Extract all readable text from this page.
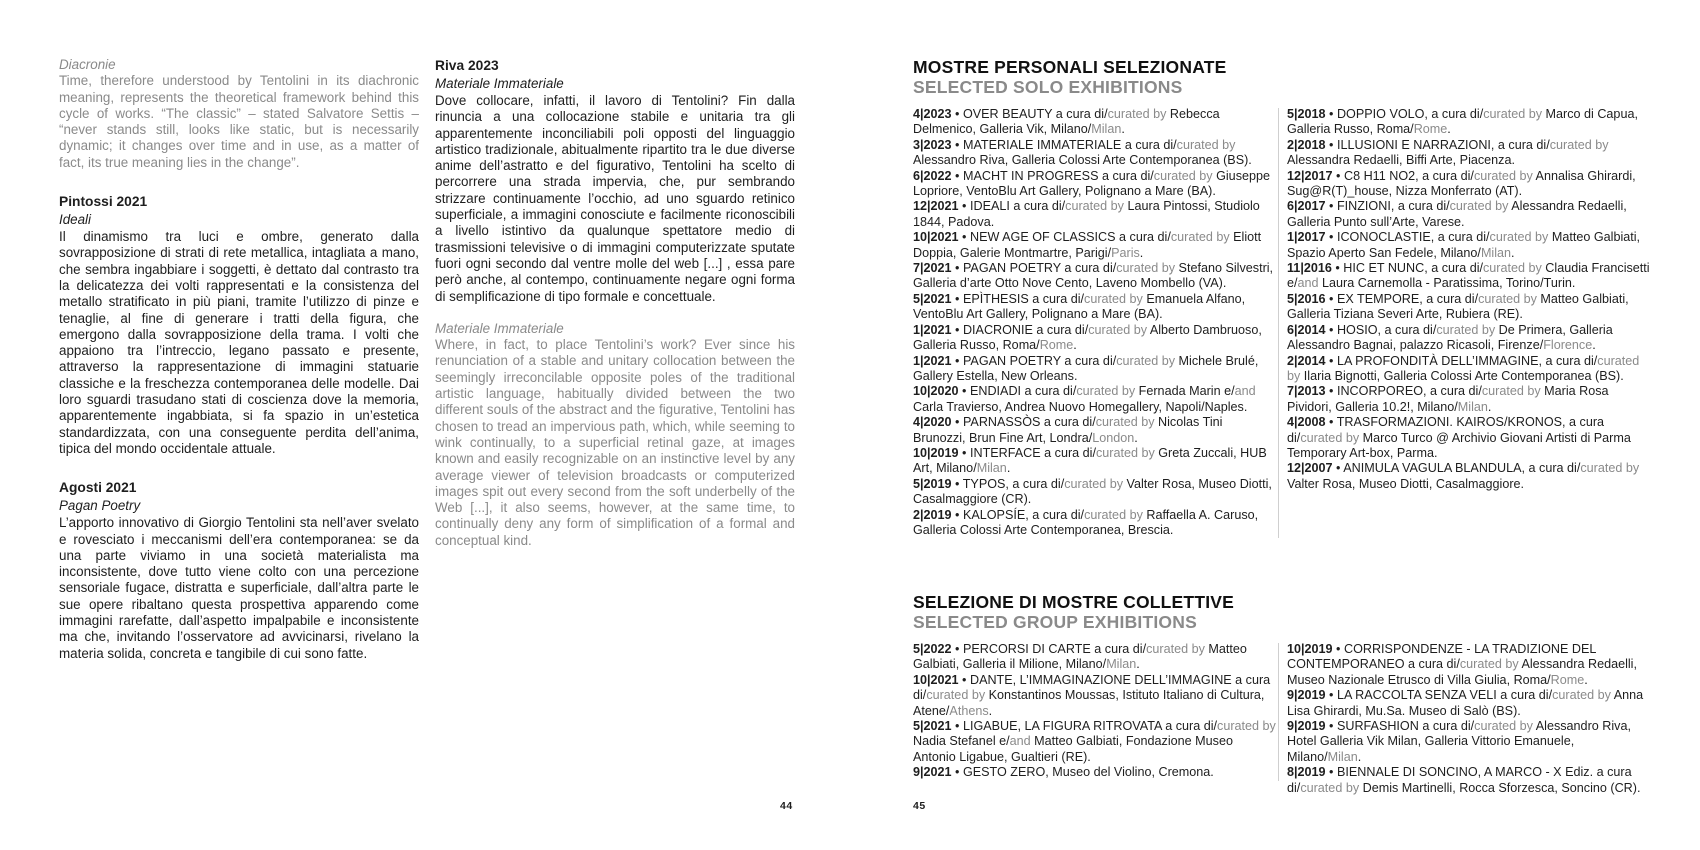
Diacronie

Time, therefore understood by Tentolini in its diachronic meaning, represents the theoretical framework behind this cycle of works. “The classic” – stated Salvatore Settis – “never stands still, looks like static, but is necessarily dynamic; it changes over time and in use, as a matter of fact, its true meaning lies in the change”.

Pintossi 2021
Ideali

Il dinamismo tra luci e ombre, generato dalla sovrapposizione di strati di rete metallica, intagliata a mano, che sembra ingabbiare i soggetti, è dettato dal contrasto tra la delicatezza dei volti rappresentati e la consistenza del metallo stratificato in più piani, tramite l’utilizzo di pinze e tenaglie, al fine di generare i tratti della figura, che emergono dalla sovrapposizione della trama. I volti che appaiono tra l’intreccio, legano passato e presente, attraverso la rappresentazione di immagini statuarie classiche e la freschezza contemporanea delle modelle. Dai loro sguardi trasudano stati di coscienza dove la memoria, apparentemente ingabbiata, si fa spazio in un’estetica standardizzata, con una conseguente perdita dell’anima, tipica del mondo occidentale attuale.

Agosti 2021
Pagan Poetry

L’apporto innovativo di Giorgio Tentolini sta nell’aver svelato e rovesciato i meccanismi dell’era contemporanea: se da una parte viviamo in una società materialista ma inconsistente, dove tutto viene colto con una percezione sensoriale fugace, distratta e superficiale, dall’altra parte le sue opere ribaltano questa prospettiva apparendo come immagini rarefatte, dall’aspetto impalpabile e inconsistente ma che, invitando l’osservatore ad avvicinarsi, rivelano la materia solida, concreta e tangibile di cui sono fatte.

Riva 2023
Materiale Immateriale

Dove collocare, infatti, il lavoro di Tentolini? Fin dalla rinuncia a una collocazione stabile e unitaria tra gli apparentemente inconciliabili poli opposti del linguaggio artistico tradizionale, abitualmente ripartito tra le due diverse anime dell’astratto e del figurativo, Tentolini ha scelto di percorrere una strada impervia, che, pur sembrando strizzare continuamente l’occhio, ad uno sguardo retinico superficiale, a immagini conosciute e facilmente riconoscibili a livello istintivo da qualunque spettatore medio di trasmissioni televisive o di immagini computerizzate sputate fuori ogni secondo dal ventre molle del web [...] , essa pare però anche, al contempo, continuamente negare ogni forma di semplificazione di tipo formale e concettuale.

Materiale Immateriale

Where, in fact, to place Tentolini’s work? Ever since his renunciation of a stable and unitary collocation between the seemingly irreconcilable opposite poles of the traditional artistic language, habitually divided between the two different souls of the abstract and the figurative, Tentolini has chosen to tread an impervious path, which, while seeming to wink continually, to a superficial retinal gaze, at images known and easily recognizable on an instinctive level by any average viewer of television broadcasts or computerized images spit out every second from the soft underbelly of the Web [...], it also seems, however, at the same time, to continually deny any form of simplification of a formal and conceptual kind.

44
MOSTRE PERSONALI SELEZIONATE
SELECTED SOLO EXHIBITIONS

4|2023 • OVER BEAUTY a cura di/curated by Rebecca Delmenico, Galleria Vik, Milano/Milan.

3|2023 • MATERIALE IMMATERIALE a cura di/curated by Alessandro Riva, Galleria Colossi Arte Contemporanea (BS).

6|2022 • MACHT IN PROGRESS a cura di/curated by Giuseppe Lopriore, VentoBlu Art Gallery, Polignano a Mare (BA).

12|2021 • IDEALI a cura di/curated by Laura Pintossi, Studiolo 1844, Padova.

10|2021 • NEW AGE OF CLASSICS a cura di/curated by Eliott Doppia, Galerie Montmartre, Parigi/Paris.

7|2021 • PAGAN POETRY a cura di/curated by Stefano Silvestri, Galleria d’arte Otto Nove Cento, Laveno Mombello (VA).

5|2021 • EPÌTHESIS a cura di/curated by Emanuela Alfano, VentoBlu Art Gallery, Polignano a Mare (BA).

1|2021 • DIACRONIE a cura di/curated by Alberto Dambruoso, Galleria Russo, Roma/Rome.

1|2021 • PAGAN POETRY a cura di/curated by Michele Brulé, Gallery Estella, New Orleans.

10|2020 • ENDIADI a cura di/curated by Fernada Marin e/and Carla Travierso, Andrea Nuovo Homegallery, Napoli/Naples.

4|2020 • PARNASSÒS a cura di/curated by Nicolas Tini Brunozzi, Brun Fine Art, Londra/London.

10|2019 • INTERFACE a cura di/curated by Greta Zuccali, HUB Art, Milano/Milan.

5|2019 • TYPOS, a cura di/curated by Valter Rosa, Museo Diotti, Casalmaggiore (CR).

2|2019 • KALOPSÍE, a cura di/curated by Raffaella A. Caruso, Galleria Colossi Arte Contemporanea, Brescia.

5|2018 • DOPPIO VOLO, a cura di/curated by Marco di Capua, Galleria Russo, Roma/Rome.

2|2018 • ILLUSIONI E NARRAZIONI, a cura di/curated by Alessandra Redaelli, Biffi Arte, Piacenza.

12|2017 • C8 H11 NO2, a cura di/curated by Annalisa Ghirardi, Sug@R(T)_house, Nizza Monferrato (AT).

6|2017 • FINZIONI, a cura di/curated by Alessandra Redaelli, Galleria Punto sull’Arte, Varese.

1|2017 • ICONOCLASTIE, a cura di/curated by Matteo Galbiati, Spazio Aperto San Fedele, Milano/Milan.

11|2016 • HIC ET NUNC, a cura di/curated by Claudia Francisetti e/and Laura Carnemolla - Paratissima, Torino/Turin.

5|2016 • EX TEMPORE, a cura di/curated by Matteo Galbiati, Galleria Tiziana Severi Arte, Rubiera (RE).

6|2014 • HOSIO, a cura di/curated by De Primera, Galleria Alessandro Bagnai, palazzo Ricasoli, Firenze/Florence.

2|2014 • LA PROFONDITÀ DELL’IMMAGINE, a cura di/curated by Ilaria Bignotti, Galleria Colossi Arte Contemporanea (BS).

7|2013 • INCORPOREO, a cura di/curated by Maria Rosa Pividori, Galleria 10.2!, Milano/Milan.

4|2008 • TRASFORMAZIONI. KAIROS/KRONOS, a cura di/curated by Marco Turco @ Archivio Giovani Artisti di Parma Temporary Art-box, Parma.

12|2007 • ANIMULA VAGULA BLANDULA, a cura di/curated by Valter Rosa, Museo Diotti, Casalmaggiore.

SELEZIONE DI MOSTRE COLLETTIVE
SELECTED GROUP EXHIBITIONS

5|2022 • PERCORSI DI CARTE a cura di/curated by Matteo Galbiati, Galleria il Milione, Milano/Milan.

10|2021 • DANTE, L’IMMAGINAZIONE DELL’IMMAGINE a cura di/curated by Konstantinos Moussas, Istituto Italiano di Cultura, Atene/Athens.

5|2021 • LIGABUE, LA FIGURA RITROVATA a cura di/curated by Nadia Stefanel e/and Matteo Galbiati, Fondazione Museo Antonio Ligabue, Gualtieri (RE).

9|2021 • GESTO ZERO, Museo del Violino, Cremona.

10|2019 • CORRISPONDENZE - LA TRADIZIONE DEL CONTEMPORANEO a cura di/curated by Alessandra Redaelli, Museo Nazionale Etrusco di Villa Giulia, Roma/Rome.

9|2019 • LA RACCOLTA SENZA VELI a cura di/curated by Anna Lisa Ghirardi, Mu.Sa. Museo di Salò (BS).

9|2019 • SURFASHION a cura di/curated by Alessandro Riva, Hotel Galleria Vik Milan, Galleria Vittorio Emanuele, Milano/Milan.

8|2019 • BIENNALE DI SONCINO, A MARCO - X Ediz. a cura di/curated by Demis Martinelli, Rocca Sforzesca, Soncino (CR).

45
